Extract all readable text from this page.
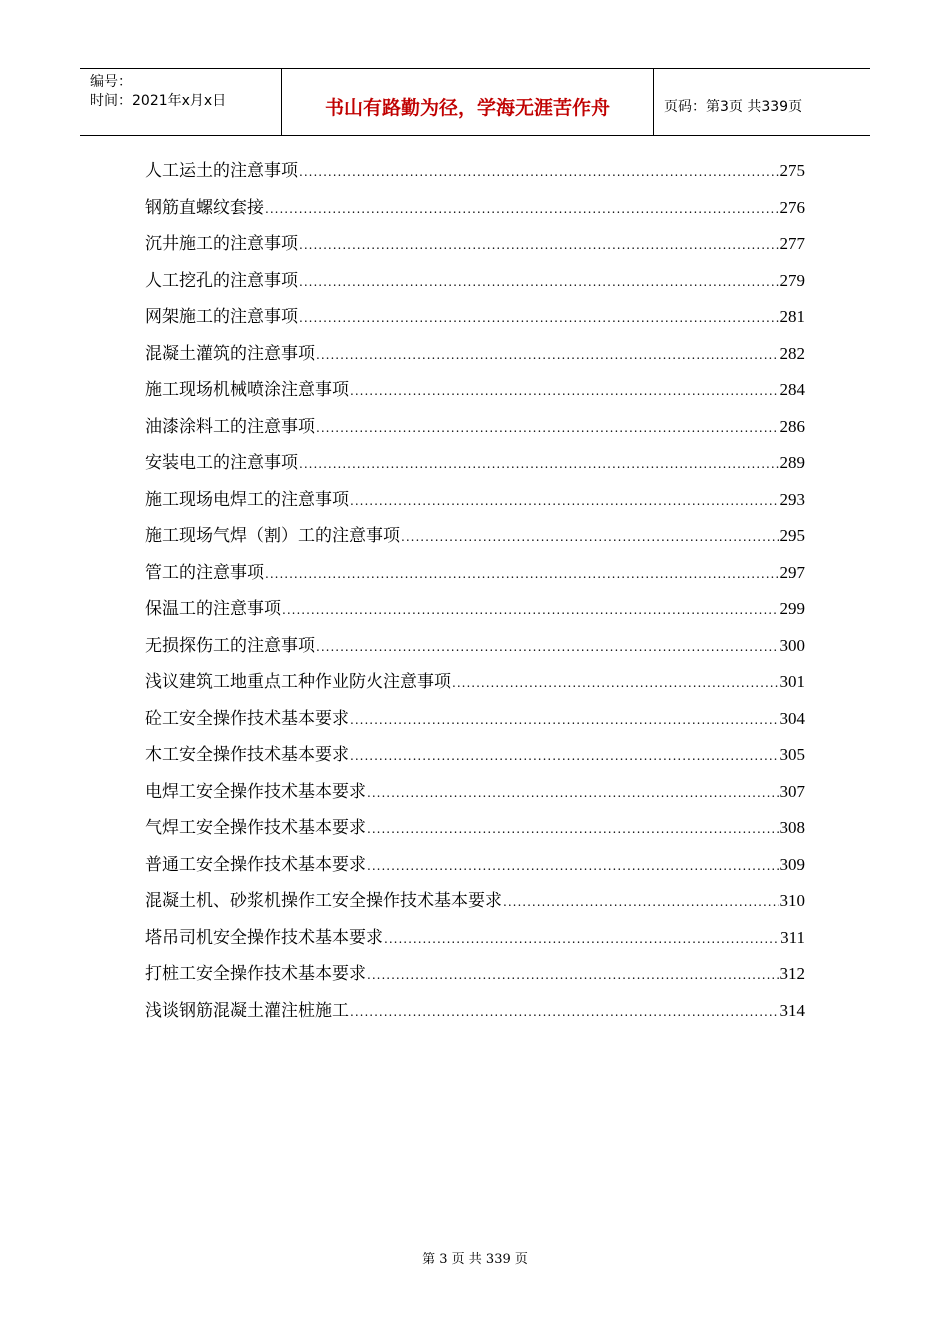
编号：
时间：2021年x月x日	书山有路勤为径，学海无涯苦作舟	页码：第3页 共339页
人工运土的注意事项 .....	275
钢筋直螺纹套接 .....	276
沉井施工的注意事项 .....	277
人工挖孔的注意事项 .....	279
网架施工的注意事项 .....	281
混凝土灌筑的注意事项 .....	282
施工现场机械喷涂注意事项 .....	284
油漆涂料工的注意事项 .....	286
安装电工的注意事项 .....	289
施工现场电焊工的注意事项 .....	293
施工现场气焊（割）工的注意事项 .....	295
管工的注意事项 .....	297
保温工的注意事项 .....	299
无损探伤工的注意事项 .....	300
浅议建筑工地重点工种作业防火注意事项 .....	301
砼工安全操作技术基本要求 .....	304
木工安全操作技术基本要求 .....	305
电焊工安全操作技术基本要求 .....	307
气焊工安全操作技术基本要求 .....	308
普通工安全操作技术基本要求 .....	309
混凝土机、砂浆机操作工安全操作技术基本要求 .....	310
塔吊司机安全操作技术基本要求 .....	311
打桩工安全操作技术基本要求 .....	312
浅谈钢筋混凝土灌注桩施工 .....	314
第 3 页 共 339 页
